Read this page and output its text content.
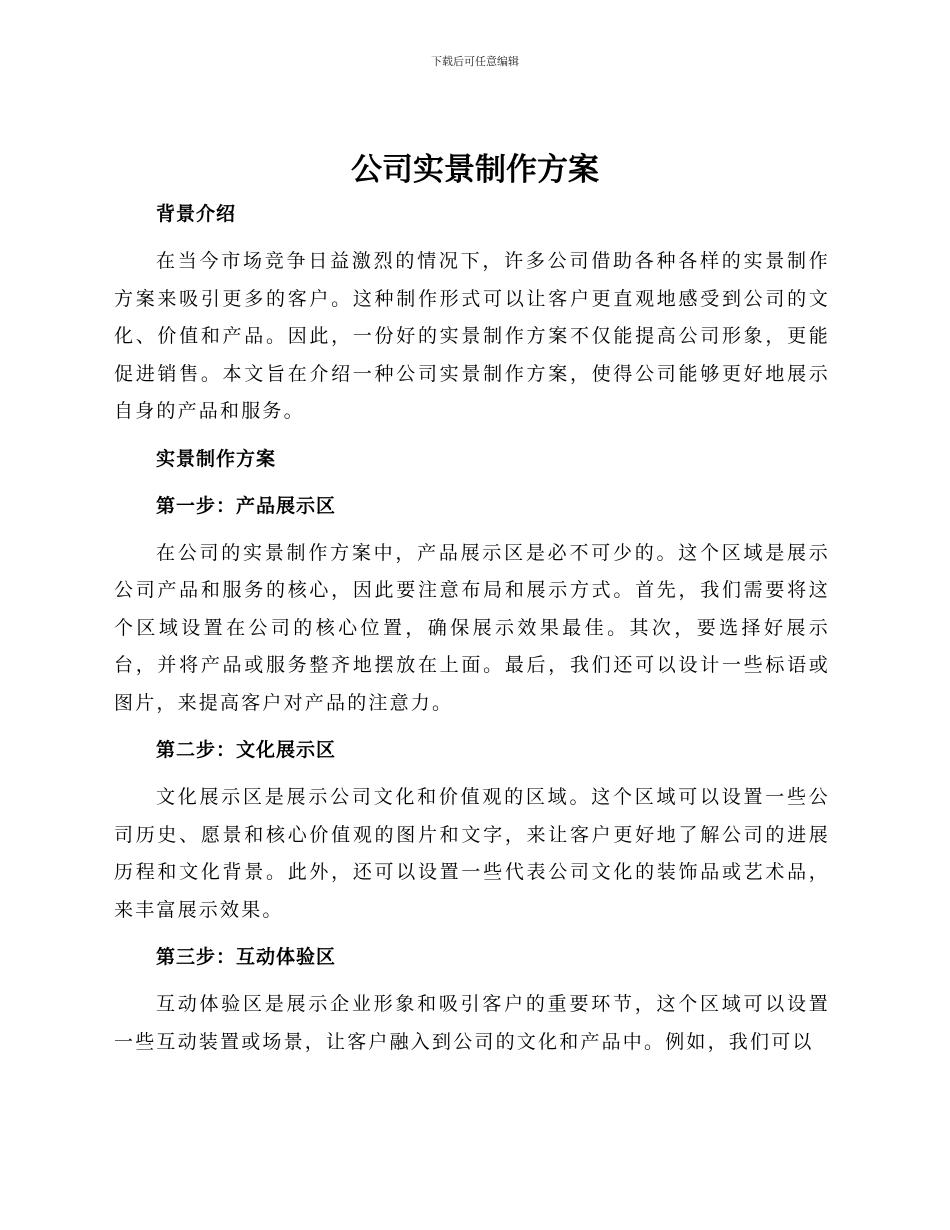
下载后可任意编辑
公司实景制作方案
背景介绍

在当今市场竞争日益激烈的情况下，许多公司借助各种各样的实景制作方案来吸引更多的客户。这种制作形式可以让客户更直观地感受到公司的文化、价值和产品。因此，一份好的实景制作方案不仅能提高公司形象，更能促进销售。本文旨在介绍一种公司实景制作方案，使得公司能够更好地展示自身的产品和服务。

实景制作方案
第一步：产品展示区

在公司的实景制作方案中，产品展示区是必不可少的。这个区域是展示公司产品和服务的核心，因此要注意布局和展示方式。首先，我们需要将这个区域设置在公司的核心位置，确保展示效果最佳。其次，要选择好展示台，并将产品或服务整齐地摆放在上面。最后，我们还可以设计一些标语或图片，来提高客户对产品的注意力。

第二步：文化展示区

文化展示区是展示公司文化和价值观的区域。这个区域可以设置一些公司历史、愿景和核心价值观的图片和文字，来让客户更好地了解公司的进展历程和文化背景。此外，还可以设置一些代表公司文化的装饰品或艺术品，来丰富展示效果。

第三步：互动体验区

互动体验区是展示企业形象和吸引客户的重要环节，这个区域可以设置一些互动装置或场景，让客户融入到公司的文化和产品中。例如，我们可以
